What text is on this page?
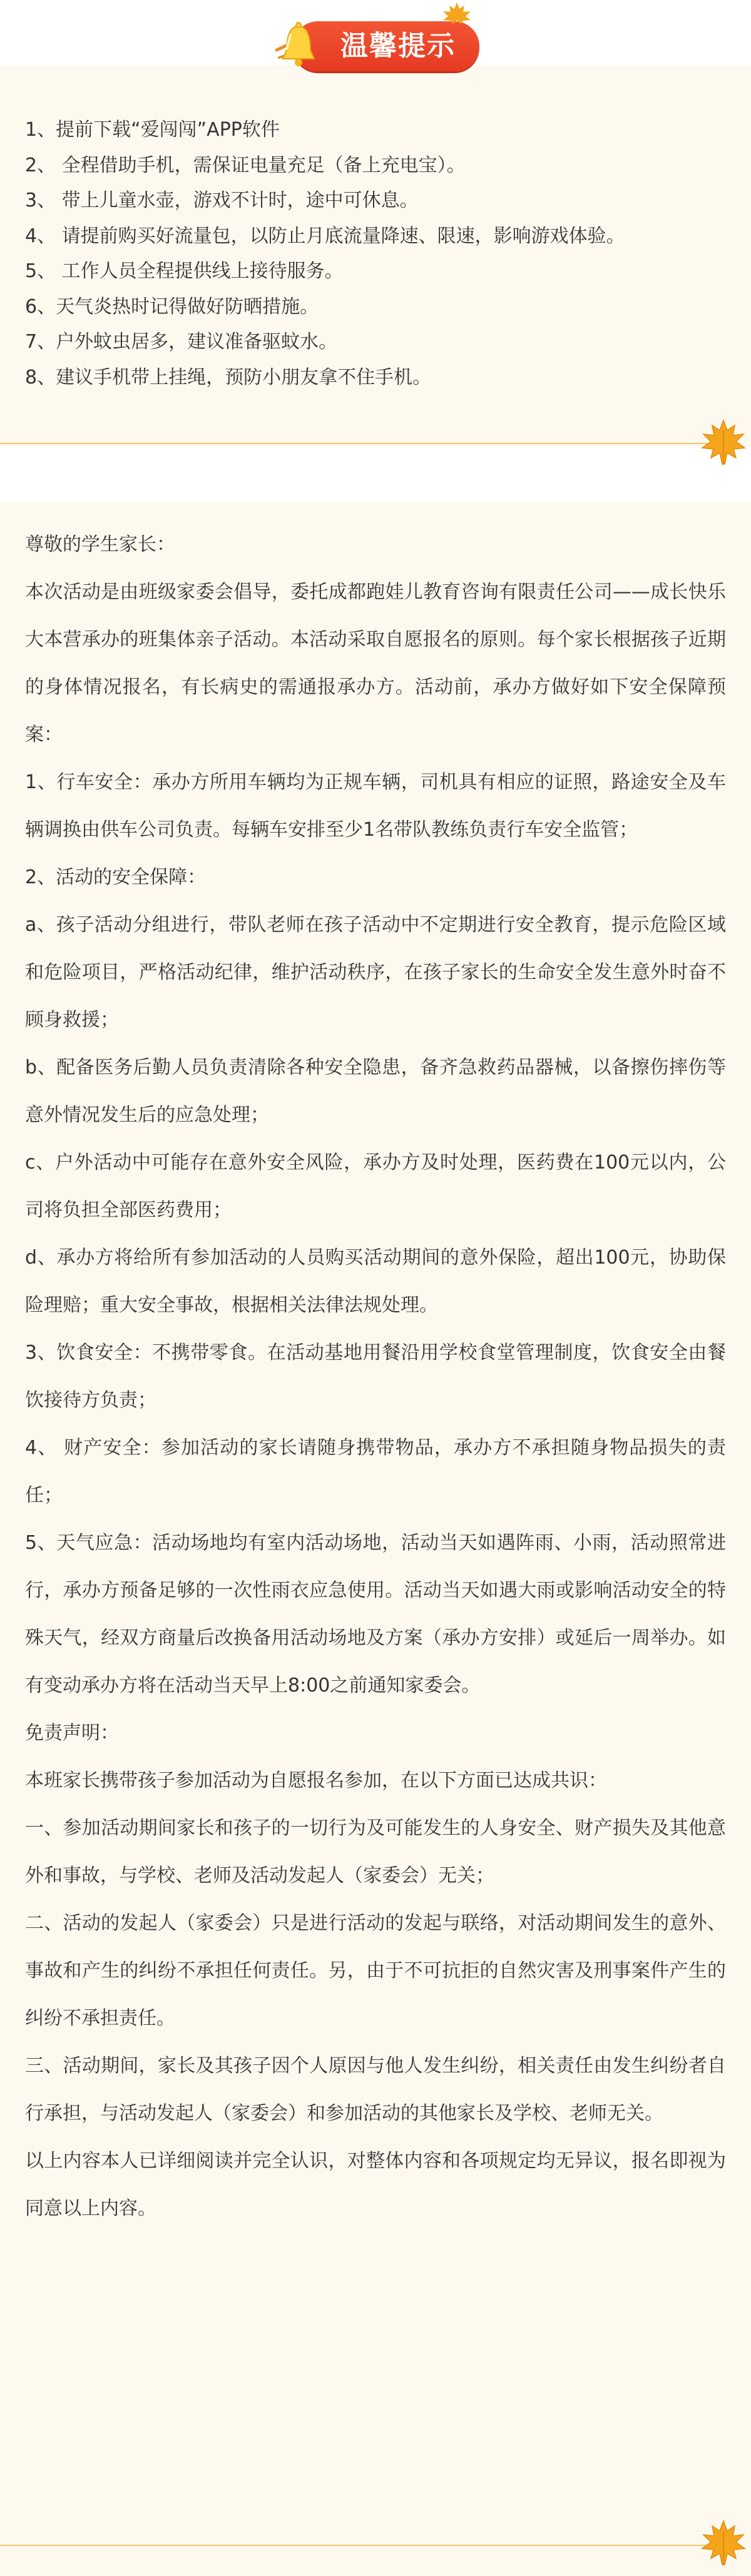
1、提前下载“爱闯闯”APP软件
2、 全程借助手机，需保证电量充足（备上充电宝）。
3、 带上儿童水壶，游戏不计时，途中可休息。
4、 请提前购买好流量包，以防止月底流量降速、限速，影响游戏体验。
5、 工作人员全程提供线上接待服务。
6、天气炎热时记得做好防晒措施。
7、户外蚊虫居多，建议准备驱蚊水。
8、建议手机带上挂绳，预防小朋友拿不住手机。
温馨提示

尊敬的学生家长：

本次活动是由班级家委会倡导，委托成都跑娃儿教育咨询有限责任公司——成长快乐大本营承办的班集体亲子活动。本活动采取自愿报名的原则。每个家长根据孩子近期的身体情况报名，有长病史的需通报承办方。活动前，承办方做好如下安全保障预案：

1、行车安全：承办方所用车辆均为正规车辆，司机具有相应的证照，路途安全及车辆调换由供车公司负责。每辆车安排至少1名带队教练负责行车安全监管；

2、活动的安全保障：

a、孩子活动分组进行，带队老师在孩子活动中不定期进行安全教育，提示危险区域和危险项目，严格活动纪律，维护活动秩序，在孩子家长的生命安全发生意外时奋不顾身救援；

b、配备医务后勤人员负责清除各种安全隐患，备齐急救药品器械，以备擦伤摔伤等意外情况发生后的应急处理；

c、户外活动中可能存在意外安全风险，承办方及时处理，医药费在100元以内，公司将负担全部医药费用；

d、承办方将给所有参加活动的人员购买活动期间的意外保险，超出100元，协助保险理赔；重大安全事故，根据相关法律法规处理。

3、饮食安全：不携带零食。在活动基地用餐沿用学校食堂管理制度，饮食安全由餐饮接待方负责；

4、 财产安全：参加活动的家长请随身携带物品，承办方不承担随身物品损失的责任；

5、天气应急：活动场地均有室内活动场地，活动当天如遇阵雨、小雨，活动照常进行，承办方预备足够的一次性雨衣应急使用。活动当天如遇大雨或影响活动安全的特殊天气，经双方商量后改换备用活动场地及方案（承办方安排）或延后一周举办。如有变动承办方将在活动当天早上8:00之前通知家委会。

免责声明：

本班家长携带孩子参加活动为自愿报名参加，在以下方面已达成共识：

一、参加活动期间家长和孩子的一切行为及可能发生的人身安全、财产损失及其他意外和事故，与学校、老师及活动发起人（家委会）无关；

二、活动的发起人（家委会）只是进行活动的发起与联络，对活动期间发生的意外、事故和产生的纠纷不承担任何责任。另，由于不可抗拒的自然灾害及刑事案件产生的纠纷不承担责任。

三、活动期间，家长及其孩子因个人原因与他人发生纠纷，相关责任由发生纠纷者自行承担，与活动发起人（家委会）和参加活动的其他家长及学校、老师无关。

以上内容本人已详细阅读并完全认识，对整体内容和各项规定均无异议，报名即视为同意以上内容。
